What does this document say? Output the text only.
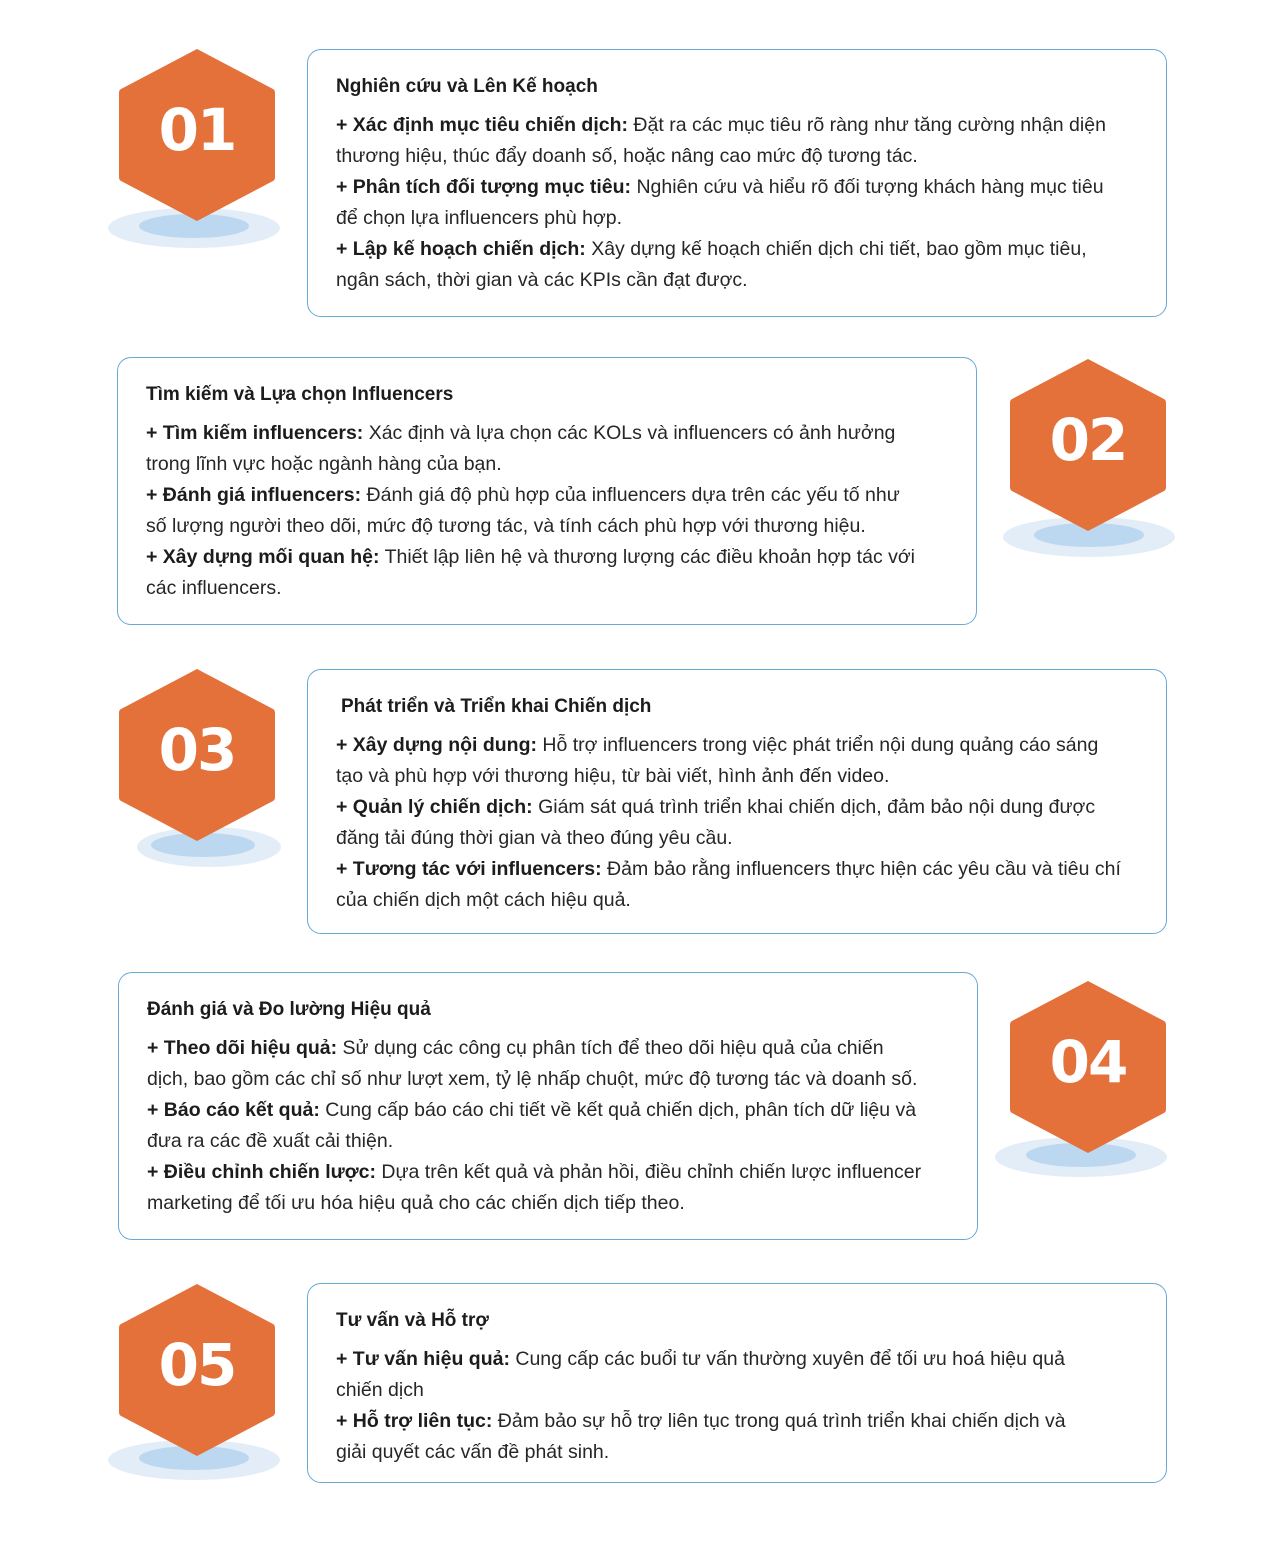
01
Nghiên cứu và Lên Kế hoạch

+ Xác định mục tiêu chiến dịch: Đặt ra các mục tiêu rõ ràng như tăng cường nhận diện

thương hiệu, thúc đẩy doanh số, hoặc nâng cao mức độ tương tác.

+ Phân tích đối tượng mục tiêu: Nghiên cứu và hiểu rõ đối tượng khách hàng mục tiêu

để chọn lựa influencers phù hợp.

+ Lập kế hoạch chiến dịch: Xây dựng kế hoạch chiến dịch chi tiết, bao gồm mục tiêu,

ngân sách, thời gian và các KPIs cần đạt được.

Tìm kiếm và Lựa chọn Influencers

+ Tìm kiếm influencers: Xác định và lựa chọn các KOLs và influencers có ảnh hưởng

trong lĩnh vực hoặc ngành hàng của bạn.

+ Đánh giá influencers: Đánh giá độ phù hợp của influencers dựa trên các yếu tố như

số lượng người theo dõi, mức độ tương tác, và tính cách phù hợp với thương hiệu.

+ Xây dựng mối quan hệ: Thiết lập liên hệ và thương lượng các điều khoản hợp tác với

các influencers.

02
03
Phát triển và Triển khai Chiến dịch

+ Xây dựng nội dung: Hỗ trợ influencers trong việc phát triển nội dung quảng cáo sáng

tạo và phù hợp với thương hiệu, từ bài viết, hình ảnh đến video.

+ Quản lý chiến dịch: Giám sát quá trình triển khai chiến dịch, đảm bảo nội dung được

đăng tải đúng thời gian và theo đúng yêu cầu.

+ Tương tác với influencers: Đảm bảo rằng influencers thực hiện các yêu cầu và tiêu chí

của chiến dịch một cách hiệu quả.

Đánh giá và Đo lường Hiệu quả

+ Theo dõi hiệu quả: Sử dụng các công cụ phân tích để theo dõi hiệu quả của chiến

dịch, bao gồm các chỉ số như lượt xem, tỷ lệ nhấp chuột, mức độ tương tác và doanh số.

+ Báo cáo kết quả: Cung cấp báo cáo chi tiết về kết quả chiến dịch, phân tích dữ liệu và

đưa ra các đề xuất cải thiện.

+ Điều chỉnh chiến lược: Dựa trên kết quả và phản hồi, điều chỉnh chiến lược influencer

marketing để tối ưu hóa hiệu quả cho các chiến dịch tiếp theo.

04
05
Tư vấn và Hỗ trợ

+ Tư vấn hiệu quả: Cung cấp các buổi tư vấn thường xuyên để tối ưu hoá hiệu quả

chiến dịch

+ Hỗ trợ liên tục: Đảm bảo sự hỗ trợ liên tục trong quá trình triển khai chiến dịch và

giải quyết các vấn đề phát sinh.
